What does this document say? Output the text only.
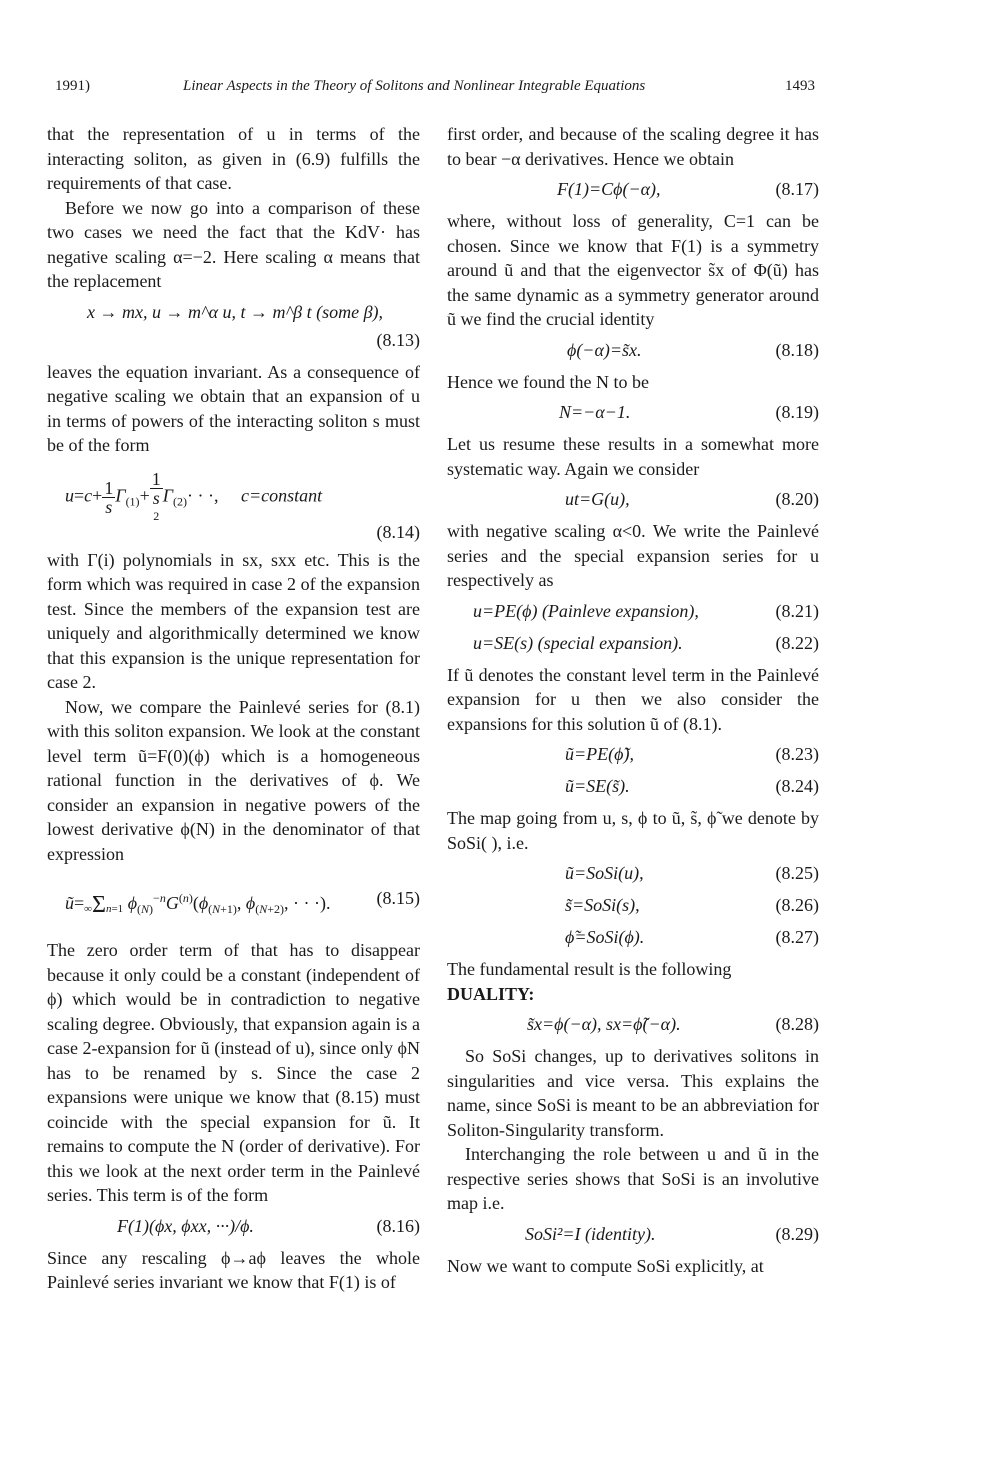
1991)	Linear Aspects in the Theory of Solitons and Nonlinear Integrable Equations	1493

that the representation of u in terms of the interacting soliton, as given in (6.9) fulfills the requirements of that case.

Before we now go into a comparison of these two cases we need the fact that the KdV· has negative scaling α=−2. Here scaling α means that the replacement

x → mx, u → m^α u, t → m^β t (some β),
(8.13)

leaves the equation invariant. As a consequence of negative scaling we obtain that an expansion of u in terms of powers of the interacting soliton s must be of the form

$u=c+ \frac{1}{s} \Gamma_{(1)}+$
1
s
2
$\Gamma_{(2)}\cdot$ · ·,     c=constant
(8.14)

with Γ(i) polynomials in sx, sxx etc. This is the form which was required in case 2 of the expansion test. Since the members of the expansion test are uniquely and algorithmically determined we know that this expansion is the unique representation for case 2.

Now, we compare the Painlevé series for (8.1) with this soliton expansion. We look at the constant level term ũ=F(0)(ϕ) which is a homogeneous rational function in the derivatives of ϕ. We consider an expansion in negative powers of the lowest derivative ϕ(N) in the denominator of that expression

ũ=∞Σn=1 $\phi_{(N)}^{-n}G^{(n)}(\phi_{(N+1)}$, $\phi_{(N+2)}$, · · ·).	(8.15)

The zero order term of that has to disappear because it only could be a constant (independent of ϕ) which would be in contradiction to negative scaling degree. Obviously, that expansion again is a case 2-expansion for ũ (instead of u), since only ϕN has to be renamed by s. Since the case 2 expansions were unique we know that (8.15) must coincide with the special expansion for ũ. It remains to compute the N (order of derivative). For this we look at the next order term in the Painlevé series. This term is of the form

F(1)(ϕx, ϕxx, ···)/ϕ.	(8.16)

Since any rescaling ϕ→aϕ leaves the whole Painlevé series invariant we know that F(1) is of

first order, and because of the scaling degree it has to bear −α derivatives. Hence we obtain

F(1)=Cϕ(−α),	(8.17)

where, without loss of generality, C=1 can be chosen. Since we know that F(1) is a symmetry around ũ and that the eigenvector s̃x of Φ(ũ) has the same dynamic as a symmetry generator around ũ we find the crucial identity

ϕ(−α)=s̃x.	(8.18)

Hence we found the N to be

N=−α−1.	(8.19)

Let us resume these results in a somewhat more systematic way. Again we consider

ut=G(u),	(8.20)

with negative scaling α<0. We write the Painlevé series and the special expansion series for u respectively as

u=PE(ϕ) (Painleve expansion),	(8.21)
u=SE(s) (special expansion).	(8.22)

If ũ denotes the constant level term in the Painlevé expansion for u then we also consider the expansions for this solution ũ of (8.1).

ũ=PE(ϕ̃),	(8.23)
ũ=SE(s̃).	(8.24)

The map going from u, s, ϕ to ũ, s̃, ϕ̃ we denote by SoSi( ), i.e.

ũ=SoSi(u),	(8.25)
s̃=SoSi(s),	(8.26)
ϕ̃=SoSi(ϕ).	(8.27)

The fundamental result is the following

DUALITY:

s̃x=ϕ(−α), sx=ϕ̃(−α).	(8.28)

So SoSi changes, up to derivatives solitons in singularities and vice versa. This explains the name, since SoSi is meant to be an abbreviation for Soliton-Singularity transform.

Interchanging the role between u and ũ in the respective series shows that SoSi is an involutive map i.e.

SoSi²=I (identity).	(8.29)

Now we want to compute SoSi explicitly, at
